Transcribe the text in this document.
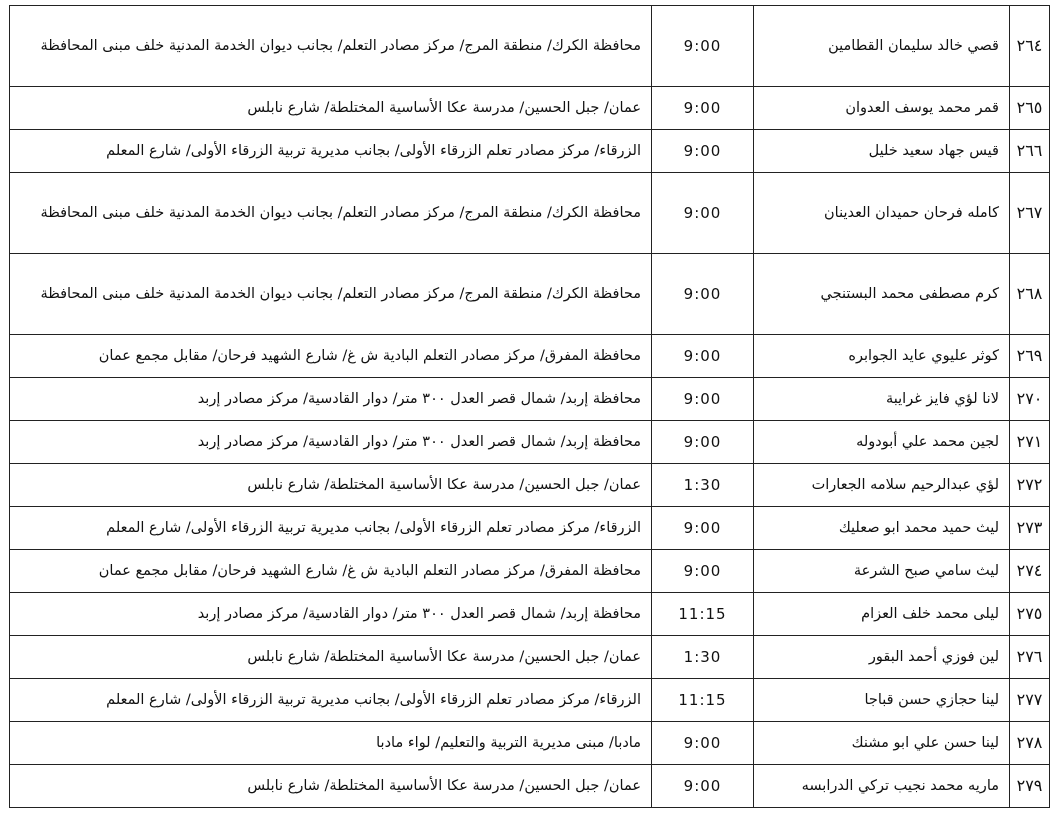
٢٦٤	قصي خالد سليمان القطامين	9:00	محافظة الكرك/ منطقة المرج/ مركز مصادر التعلم/ بجانب ديوان الخدمة المدنية خلف مبنى المحافظة
٢٦٥	قمر محمد يوسف العدوان	9:00	عمان/ جبل الحسين/ مدرسة عكا الأساسية المختلطة/ شارع نابلس
٢٦٦	قيس جهاد سعيد خليل	9:00	الزرقاء/ مركز مصادر تعلم الزرقاء الأولى/ بجانب مديرية تربية الزرقاء الأولى/ شارع المعلم
٢٦٧	كامله فرحان حميدان العدينان	9:00	محافظة الكرك/ منطقة المرج/ مركز مصادر التعلم/ بجانب ديوان الخدمة المدنية خلف مبنى المحافظة
٢٦٨	كرم مصطفى محمد البستنجي	9:00	محافظة الكرك/ منطقة المرج/ مركز مصادر التعلم/ بجانب ديوان الخدمة المدنية خلف مبنى المحافظة
٢٦٩	كوثر عليوي عايد الجوابره	9:00	محافظة المفرق/ مركز مصادر التعلم البادية ش غ/ شارع الشهيد فرحان/ مقابل مجمع عمان
٢٧٠	لانا لؤي فايز غرايبة	9:00	محافظة إربد/ شمال قصر العدل ٣٠٠ متر/ دوار القادسية/ مركز مصادر إربد
٢٧١	لجين محمد علي أبودوله	9:00	محافظة إربد/ شمال قصر العدل ٣٠٠ متر/ دوار القادسية/ مركز مصادر إربد
٢٧٢	لؤي عبدالرحيم سلامه الجعارات	1:30	عمان/ جبل الحسين/ مدرسة عكا الأساسية المختلطة/ شارع نابلس
٢٧٣	ليث حميد محمد ابو صعليك	9:00	الزرقاء/ مركز مصادر تعلم الزرقاء الأولى/ بجانب مديرية تربية الزرقاء الأولى/ شارع المعلم
٢٧٤	ليث سامي صبح الشرعة	9:00	محافظة المفرق/ مركز مصادر التعلم البادية ش غ/ شارع الشهيد فرحان/ مقابل مجمع عمان
٢٧٥	ليلى محمد خلف العزام	11:15	محافظة إربد/ شمال قصر العدل ٣٠٠ متر/ دوار القادسية/ مركز مصادر إربد
٢٧٦	لين فوزي أحمد البقور	1:30	عمان/ جبل الحسين/ مدرسة عكا الأساسية المختلطة/ شارع نابلس
٢٧٧	لينا حجازي حسن قباجا	11:15	الزرقاء/ مركز مصادر تعلم الزرقاء الأولى/ بجانب مديرية تربية الزرقاء الأولى/ شارع المعلم
٢٧٨	لينا حسن علي ابو مشنك	9:00	مادبا/ مبنى مديرية التربية والتعليم/ لواء مادبا
٢٧٩	ماريه محمد نجيب تركي الدرابسه	9:00	عمان/ جبل الحسين/ مدرسة عكا الأساسية المختلطة/ شارع نابلس
